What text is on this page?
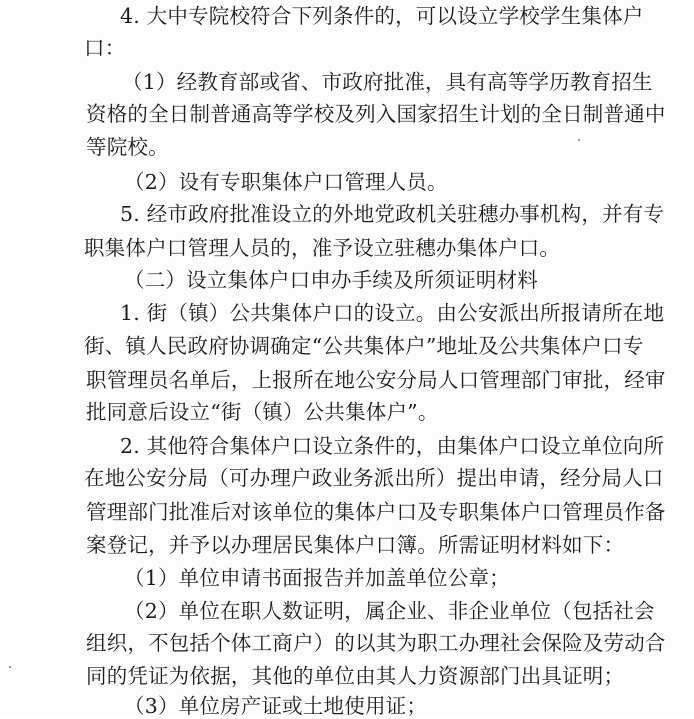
4. 大中专院校符合下列条件的，可以设立学校学生集体户
口：
（1）经教育部或省、市政府批准，具有高等学历教育招生
资格的全日制普通高等学校及列入国家招生计划的全日制普通中
等院校。
（2）设有专职集体户口管理人员。
5. 经市政府批准设立的外地党政机关驻穗办事机构，并有专
职集体户口管理人员的，准予设立驻穗办集体户口。
（二）设立集体户口申办手续及所须证明材料
1. 街（镇）公共集体户口的设立。由公安派出所报请所在地
街、镇人民政府协调确定“公共集体户”地址及公共集体户口专
职管理员名单后，上报所在地公安分局人口管理部门审批，经审
批同意后设立“街（镇）公共集体户”。
2. 其他符合集体户口设立条件的，由集体户口设立单位向所
在地公安分局（可办理户政业务派出所）提出申请，经分局人口
管理部门批准后对该单位的集体户口及专职集体户口管理员作备
案登记，并予以办理居民集体户口簿。所需证明材料如下：
（1）单位申请书面报告并加盖单位公章；
（2）单位在职人数证明，属企业、非企业单位（包括社会
组织，不包括个体工商户）的以其为职工办理社会保险及劳动合
同的凭证为依据，其他的单位由其人力资源部门出具证明；
（3）单位房产证或土地使用证；
